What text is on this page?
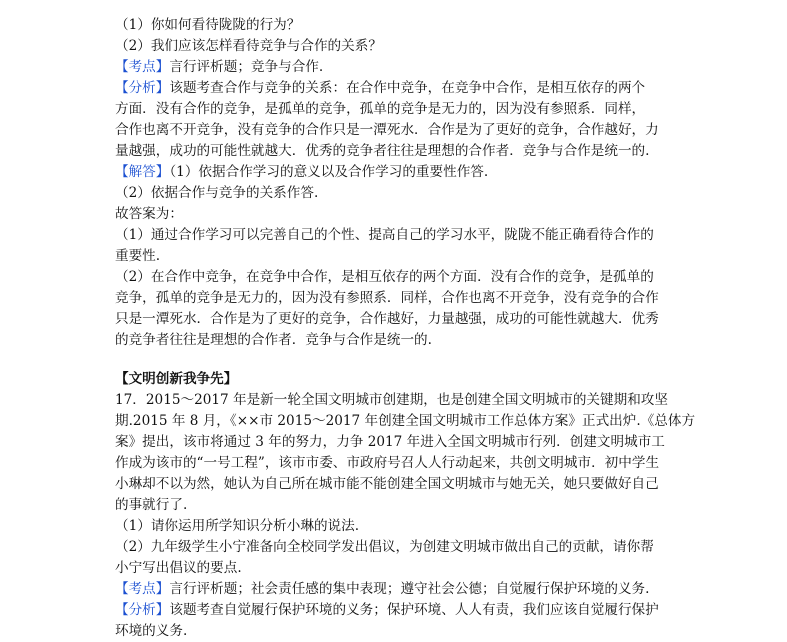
（1）你如何看待陇陇的行为？
（2）我们应该怎样看待竞争与合作的关系？
【考点】言行评析题；竞争与合作.
【分析】该题考查合作与竞争的关系：在合作中竞争，在竞争中合作，是相互依存的两个
方面．没有合作的竞争，是孤单的竞争，孤单的竞争是无力的，因为没有参照系．同样，
合作也离不开竞争，没有竞争的合作只是一潭死水．合作是为了更好的竞争，合作越好，力
量越强，成功的可能性就越大．优秀的竞争者往往是理想的合作者．竞争与合作是统一的.
【解答】（1）依据合作学习的意义以及合作学习的重要性作答.
（2）依据合作与竞争的关系作答.
故答案为：
（1）通过合作学习可以完善自己的个性、提高自己的学习水平，陇陇不能正确看待合作的
重要性.
（2）在合作中竞争，在竞争中合作，是相互依存的两个方面．没有合作的竞争，是孤单的
竞争，孤单的竞争是无力的，因为没有参照系．同样，合作也离不开竞争，没有竞争的合作
只是一潭死水．合作是为了更好的竞争，合作越好，力量越强，成功的可能性就越大．优秀
的竞争者往往是理想的合作者．竞争与合作是统一的.
【文明创新我争先】
17．2015～2017 年是新一轮全国文明城市创建期，也是创建全国文明城市的关键期和攻坚
期.2015 年 8 月，《××市 2015～2017 年创建全国文明城市工作总体方案》正式出炉.《总体方
案》提出，该市将通过 3 年的努力，力争 2017 年进入全国文明城市行列．创建文明城市工
作成为该市的“一号工程”，该市市委、市政府号召人人行动起来，共创文明城市．初中学生
小琳却不以为然，她认为自己所在城市能不能创建全国文明城市与她无关，她只要做好自己
的事就行了.
（1）请你运用所学知识分析小琳的说法.
（2）九年级学生小宁准备向全校同学发出倡议，为创建文明城市做出自己的贡献，请你帮
小宁写出倡议的要点.
【考点】言行评析题；社会责任感的集中表现；遵守社会公德；自觉履行保护环境的义务.
【分析】该题考查自觉履行保护环境的义务；保护环境、人人有责，我们应该自觉履行保护
环境的义务.
